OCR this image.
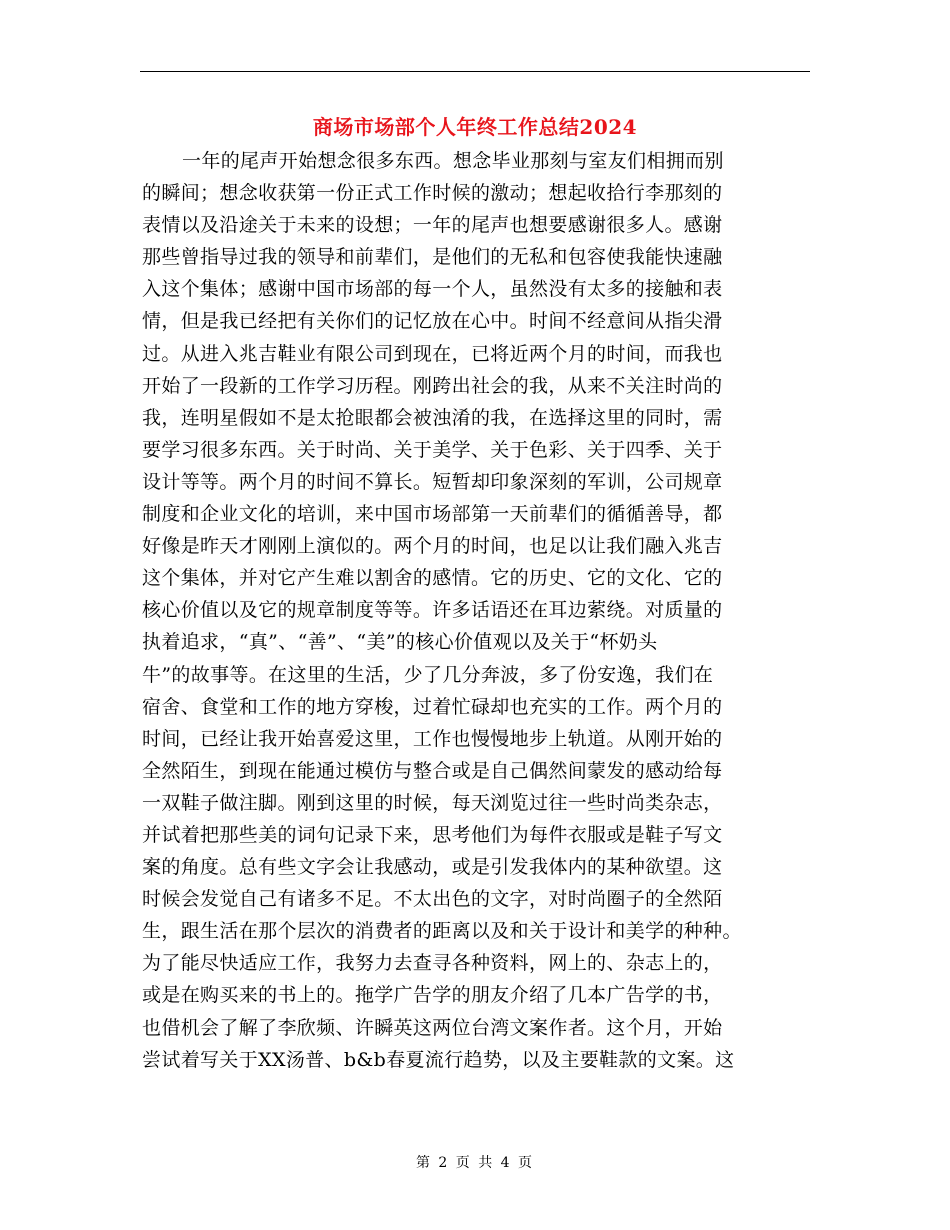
商场市场部个人年终工作总结2024
一年的尾声开始想念很多东西。想念毕业那刻与室友们相拥而别
的瞬间；想念收获第一份正式工作时候的激动；想起收拾行李那刻的
表情以及沿途关于未来的设想；一年的尾声也想要感谢很多人。感谢
那些曾指导过我的领导和前辈们，是他们的无私和包容使我能快速融
入这个集体；感谢中国市场部的每一个人，虽然没有太多的接触和表
情，但是我已经把有关你们的记忆放在心中。时间不经意间从指尖滑
过。从进入兆吉鞋业有限公司到现在，已将近两个月的时间，而我也
开始了一段新的工作学习历程。刚跨出社会的我，从来不关注时尚的
我，连明星假如不是太抢眼都会被浊淆的我，在选择这里的同时，需
要学习很多东西。关于时尚、关于美学、关于色彩、关于四季、关于
设计等等。两个月的时间不算长。短暂却印象深刻的军训，公司规章
制度和企业文化的培训，来中国市场部第一天前辈们的循循善导，都
好像是昨天才刚刚上演似的。两个月的时间，也足以让我们融入兆吉
这个集体，并对它产生难以割舍的感情。它的历史、它的文化、它的
核心价值以及它的规章制度等等。许多话语还在耳边萦绕。对质量的
执着追求，“真”、“善”、“美”的核心价值观以及关于“杯奶头
牛”的故事等。在这里的生活，少了几分奔波，多了份安逸，我们在
宿舍、食堂和工作的地方穿梭，过着忙碌却也充实的工作。两个月的
时间，已经让我开始喜爱这里，工作也慢慢地步上轨道。从刚开始的
全然陌生，到现在能通过模仿与整合或是自己偶然间蒙发的感动给每
一双鞋子做注脚。刚到这里的时候，每天浏览过往一些时尚类杂志，
并试着把那些美的词句记录下来，思考他们为每件衣服或是鞋子写文
案的角度。总有些文字会让我感动，或是引发我体内的某种欲望。这
时候会发觉自己有诸多不足。不太出色的文字，对时尚圈子的全然陌
生，跟生活在那个层次的消费者的距离以及和关于设计和美学的种种。
为了能尽快适应工作，我努力去查寻各种资料，网上的、杂志上的，
或是在购买来的书上的。拖学广告学的朋友介绍了几本广告学的书，
也借机会了解了李欣频、许瞬英这两位台湾文案作者。这个月，开始
尝试着写关于XX汤普、b&b春夏流行趋势，以及主要鞋款的文案。这
第 2 页 共 4 页
